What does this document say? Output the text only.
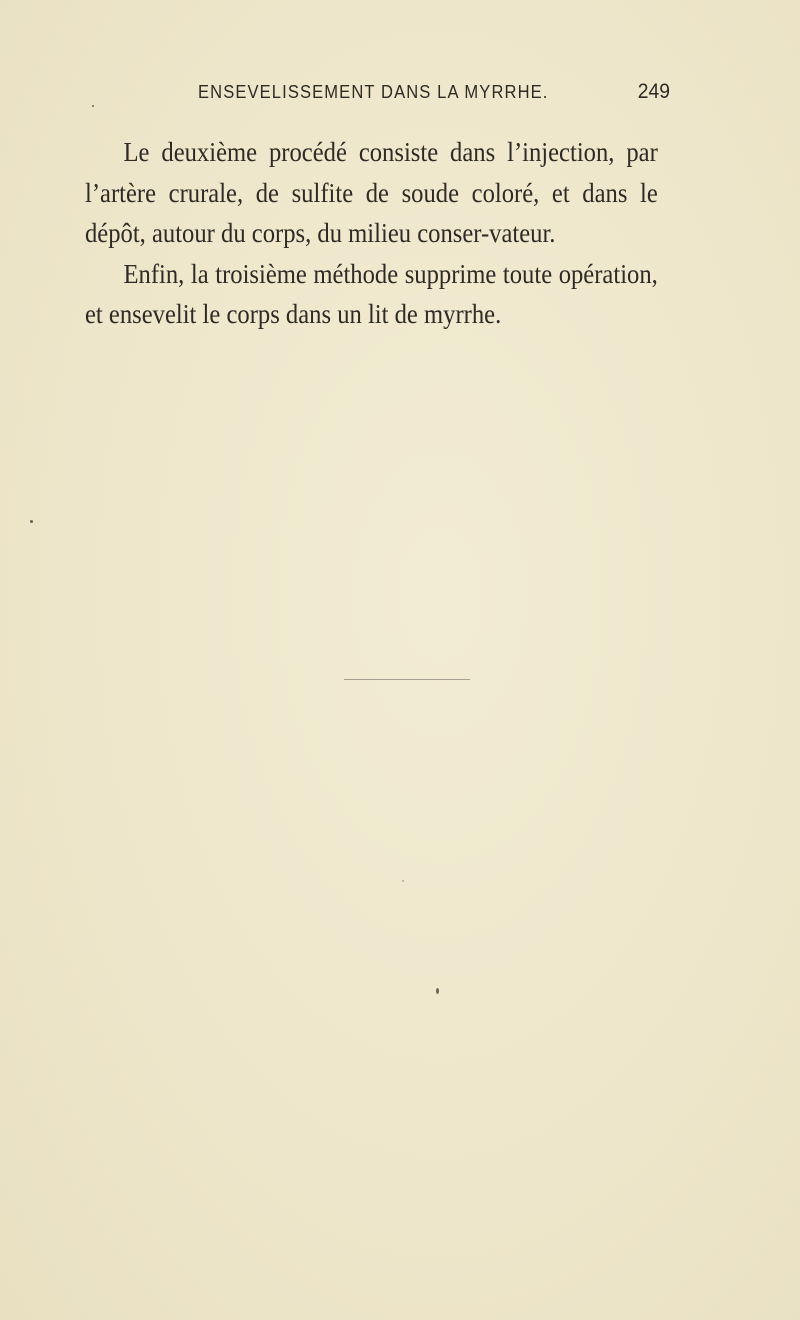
ENSEVELISSEMENT DANS LA MYRRHE.	249

Le deuxième procédé consiste dans l’injection, par l’artère crurale, de sulfite de soude coloré, et dans le dépôt, autour du corps, du milieu conser-vateur.

Enfin, la troisième méthode supprime toute opération, et ensevelit le corps dans un lit de myrrhe.
